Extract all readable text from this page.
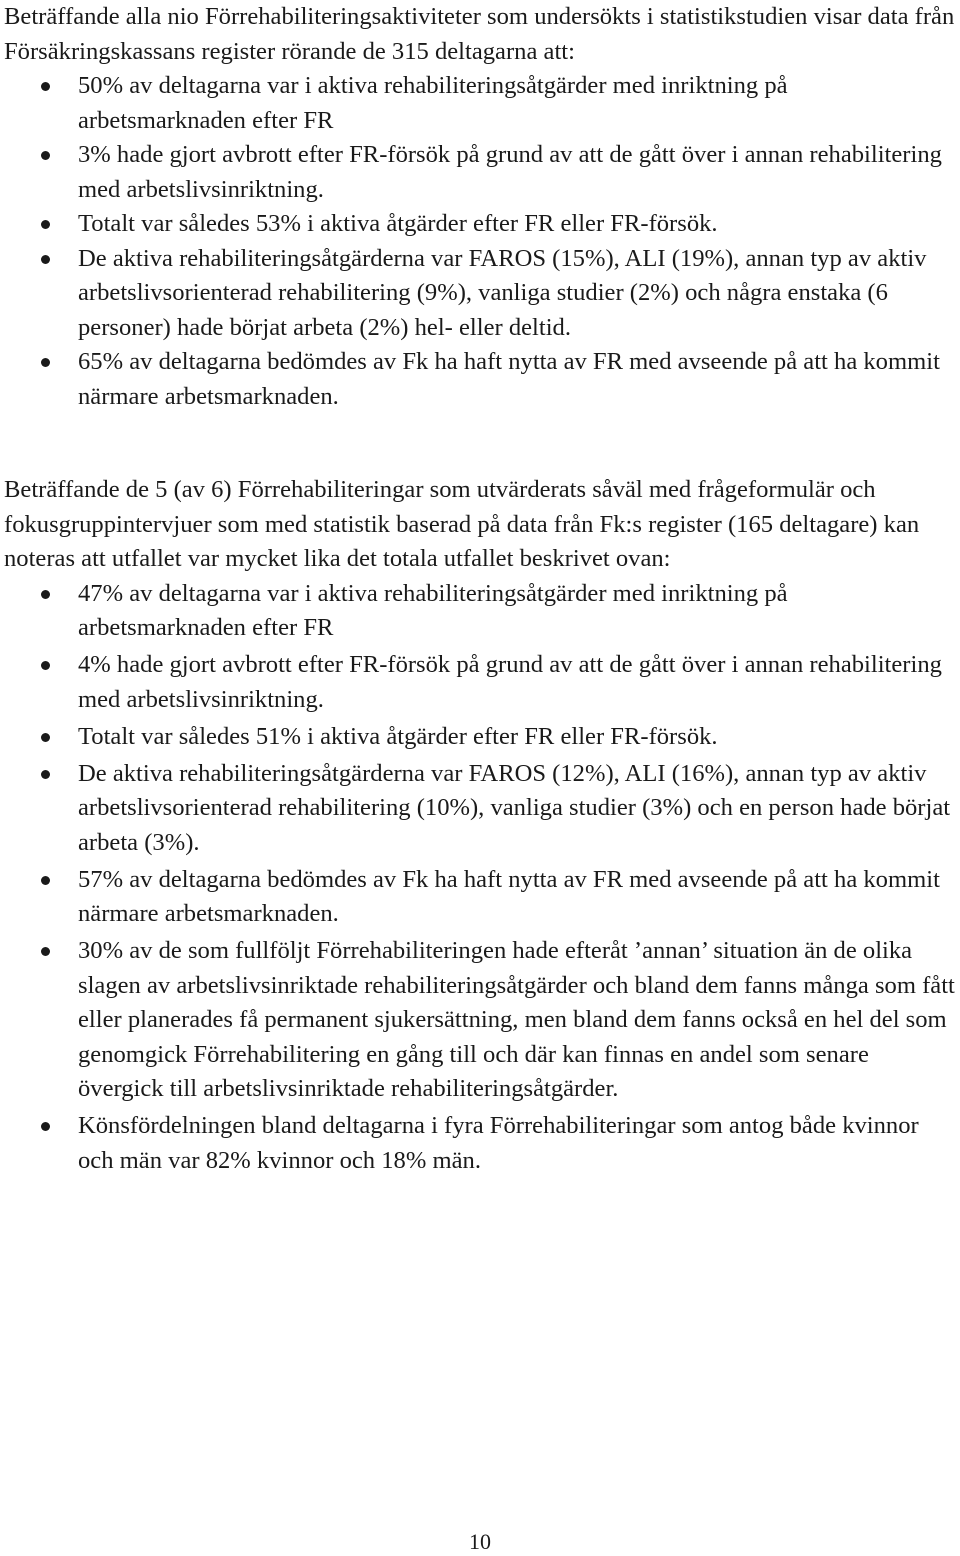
Beträffande alla nio Förrehabiliteringsaktiviteter som undersökts i statistikstudien visar data från Försäkringskassans register rörande de 315 deltagarna att:

50% av deltagarna var i aktiva rehabiliteringsåtgärder med inriktning på arbetsmarknaden efter FR
3% hade gjort avbrott efter FR-försök på grund av att de gått över i annan rehabilitering med arbetslivsinriktning.
Totalt var således 53% i aktiva åtgärder efter FR eller FR-försök.
De aktiva rehabiliteringsåtgärderna var FAROS (15%), ALI (19%), annan typ av aktiv arbetslivsorienterad rehabilitering (9%), vanliga studier (2%) och några enstaka (6 personer) hade börjat arbeta (2%) hel- eller deltid.
65% av deltagarna bedömdes av Fk ha haft nytta av FR med avseende på att ha kommit närmare arbetsmarknaden.

Beträffande de 5 (av 6) Förrehabiliteringar som utvärderats såväl med frågeformulär och fokusgruppintervjuer som med statistik baserad på data från Fk:s register (165 deltagare) kan noteras att utfallet var mycket lika det totala utfallet beskrivet ovan:

47% av deltagarna var i aktiva rehabiliteringsåtgärder med inriktning på arbetsmarknaden efter FR
4% hade gjort avbrott efter FR-försök på grund av att de gått över i annan rehabilitering med arbetslivsinriktning.
Totalt var således 51% i aktiva åtgärder efter FR eller FR-försök.
De aktiva rehabiliteringsåtgärderna var FAROS (12%), ALI (16%), annan typ av aktiv arbetslivsorienterad rehabilitering (10%), vanliga studier (3%) och en person hade börjat arbeta (3%).
57% av deltagarna bedömdes av Fk ha haft nytta av FR med avseende på att ha kommit närmare arbetsmarknaden.
30% av de som fullföljt Förrehabiliteringen hade efteråt ’annan’ situation än de olika slagen av arbetslivsinriktade rehabiliteringsåtgärder och bland dem fanns många som fått eller planerades få permanent sjukersättning, men bland dem fanns också en hel del som genomgick Förrehabilitering en gång till och där kan finnas en andel som senare övergick till arbetslivsinriktade rehabiliteringsåtgärder.
Könsfördelningen bland deltagarna i fyra Förrehabiliteringar som antog både kvinnor och män var 82% kvinnor och 18% män.
10
